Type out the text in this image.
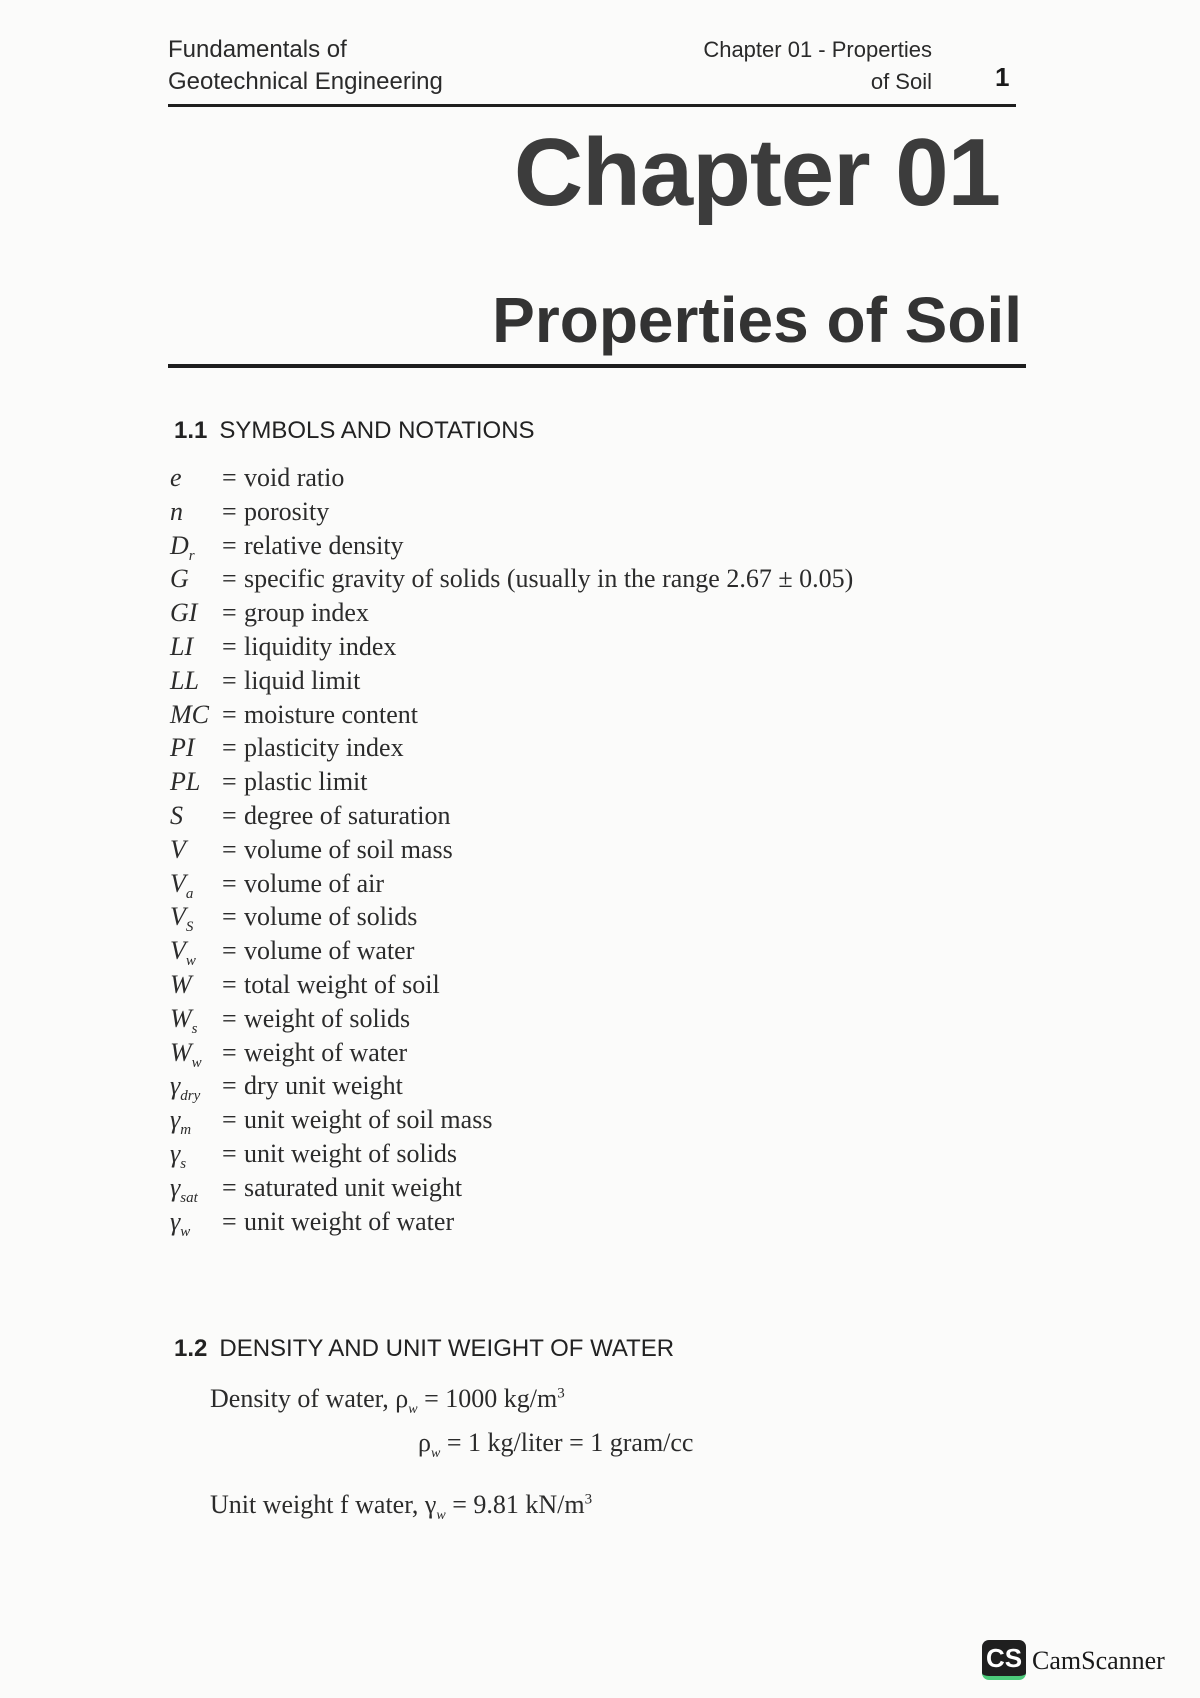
Fundamentals of
Geotechnical Engineering
Chapter 01 - Properties
of Soil 1
Chapter 01
Properties of Soil
1.1 SYMBOLS AND NOTATIONS
e	= void ratio
n	= porosity
$D_r$	= relative density
G	= specific gravity of solids (usually in the range 2.67 ± 0.05)
GI = group index
LI	= liquidity index
LL = liquid limit
MC = moisture content
PI	= plasticity index
PL = plastic limit
S	= degree of saturation
V	= volume of soil mass
$V_a$	= volume of air
$V_S$	= volume of solids
$V_w$	= volume of water
W	= total weight of soil
$W_s$ = weight of solids
$W_w$ = weight of water
$\gamma_{dry}$ = dry unit weight
$\gamma_m$	= unit weight of soil mass
$\gamma_s$	= unit weight of solids
$\gamma_{sat}$ = saturated unit weight
$\gamma_w$	= unit weight of water
1.2 DENSITY AND UNIT WEIGHT OF WATER
Density of water, $\rho_w = 1000$ $kg/m^3$
$\rho_w = 1$ kg/liter = 1 gram/cc
Unit weight f water, $\gamma_w = 9.81$ $kN/m^3$
CS CamScanner
